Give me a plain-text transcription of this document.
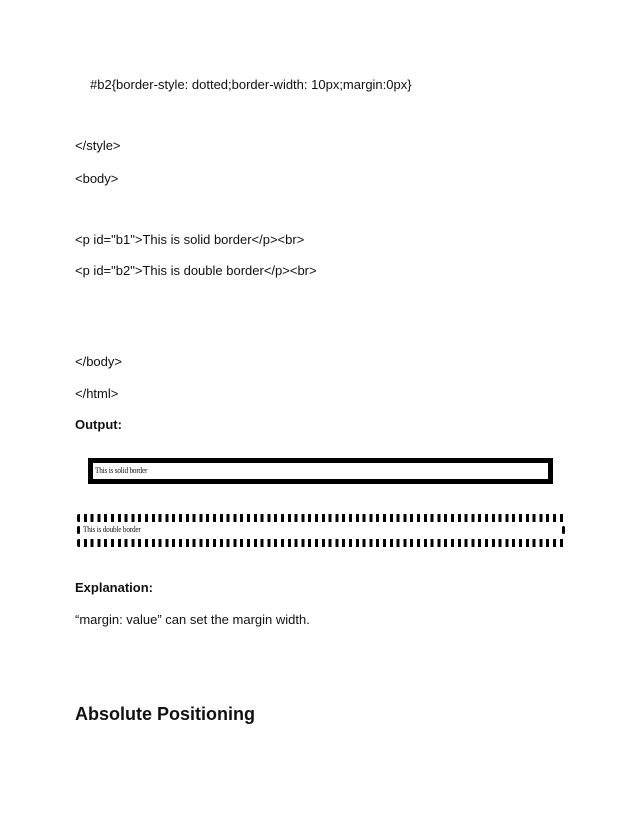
#b2{border-style: dotted;border-width: 10px;margin:0px}
</style>
<body>
<p id="b1">This is solid border</p><br>
<p id="b2">This is double border</p><br>
</body>
</html>
Output:
This is solid border
This is double border
Explanation:
“margin: value” can set the margin width.
Absolute Positioning
